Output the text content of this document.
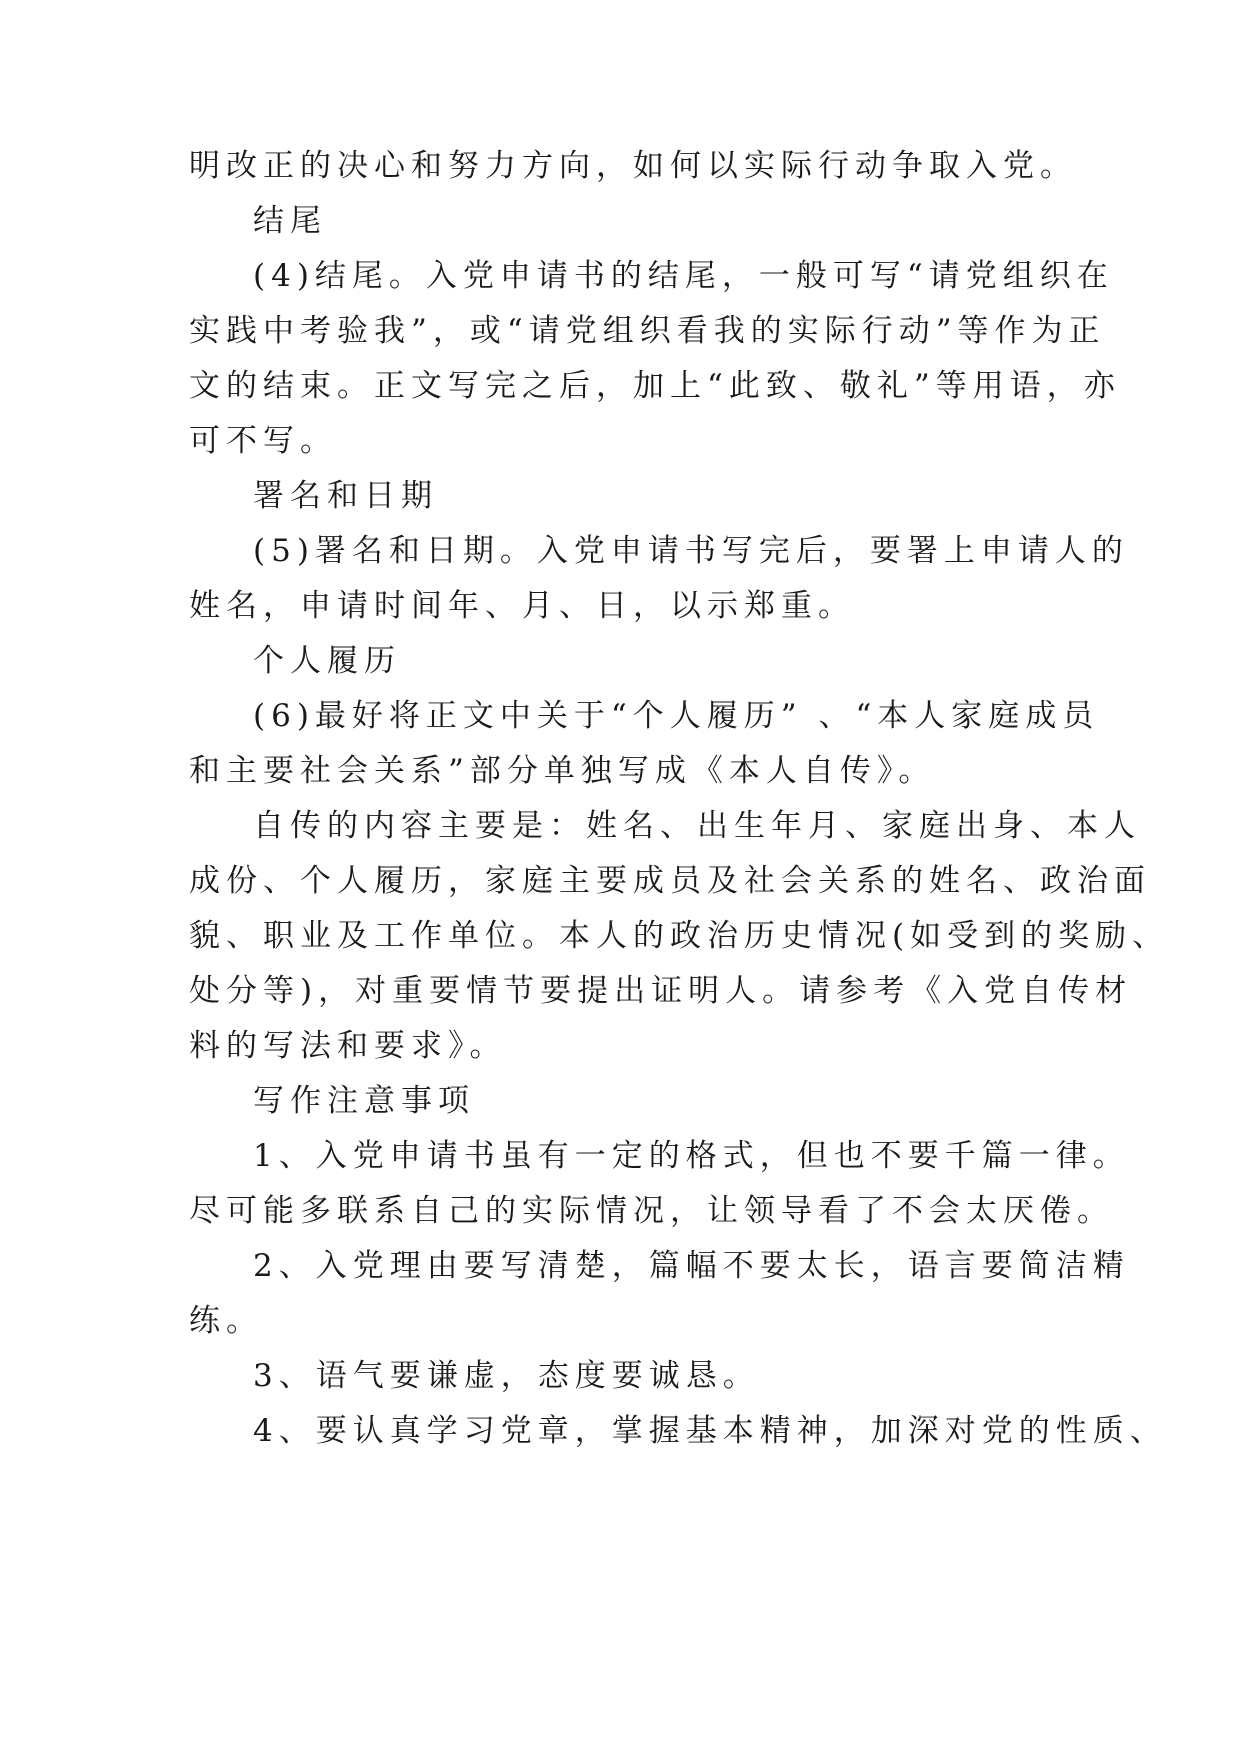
明改正的决心和努力方向，如何以实际行动争取入党。
结尾
(4)结尾。入党申请书的结尾，一般可写“请党组织在
实践中考验我”，或“请党组织看我的实际行动”等作为正
文的结束。正文写完之后，加上“此致、敬礼”等用语，亦
可不写。
署名和日期
(5)署名和日期。入党申请书写完后，要署上申请人的
姓名，申请时间年、月、日，以示郑重。
个人履历
(6)最好将正文中关于“个人履历” 、“本人家庭成员
和主要社会关系”部分单独写成《本人自传》。
自传的内容主要是：姓名、出生年月、家庭出身、本人
成份、个人履历，家庭主要成员及社会关系的姓名、政治面
貌、职业及工作单位。本人的政治历史情况(如受到的奖励、
处分等)，对重要情节要提出证明人。请参考《入党自传材
料的写法和要求》。
写作注意事项
1、入党申请书虽有一定的格式，但也不要千篇一律。
尽可能多联系自己的实际情况，让领导看了不会太厌倦。
2、入党理由要写清楚，篇幅不要太长，语言要简洁精
练。
3、语气要谦虚，态度要诚恳。
4、要认真学习党章，掌握基本精神，加深对党的性质、
